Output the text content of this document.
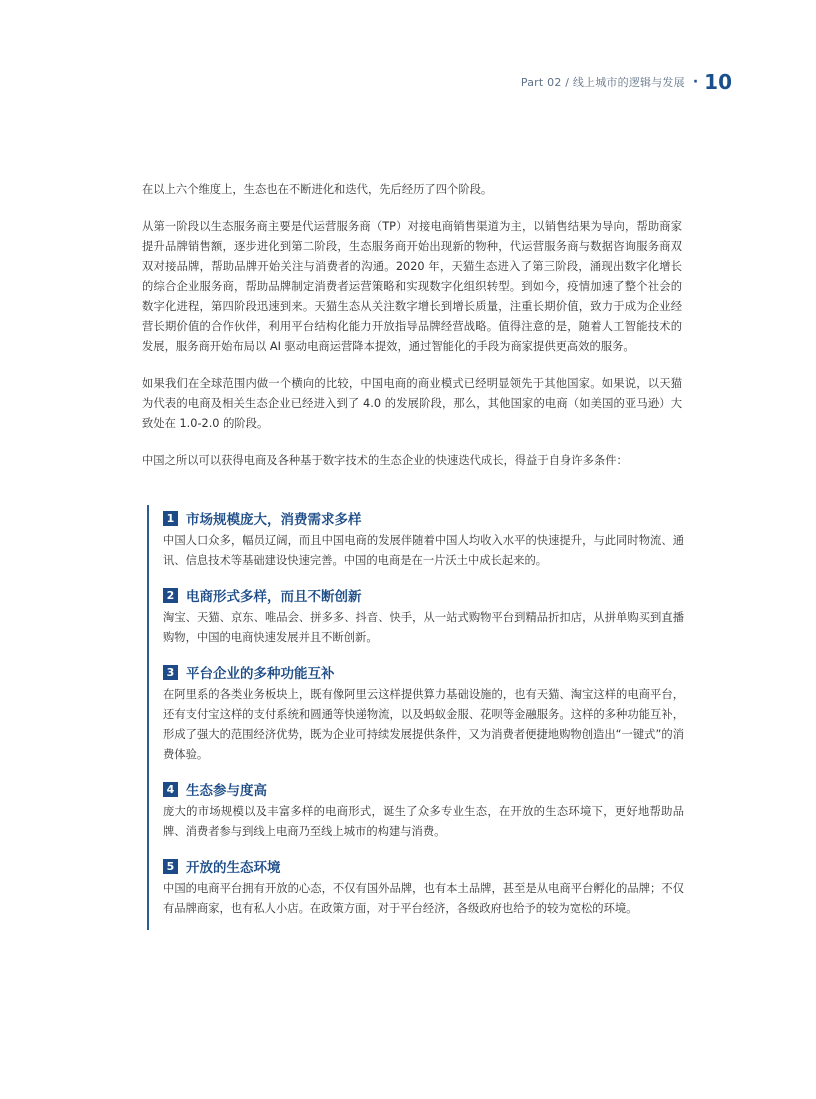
Part 02 / 线上城市的逻辑与发展 · 10

在以上六个维度上，生态也在不断进化和迭代，先后经历了四个阶段。

从第一阶段以生态服务商主要是代运营服务商（TP）对接电商销售渠道为主，以销售结果为导向，帮助商家提升品牌销售额，逐步进化到第二阶段，生态服务商开始出现新的物种，代运营服务商与数据咨询服务商双双对接品牌，帮助品牌开始关注与消费者的沟通。2020 年，天猫生态进入了第三阶段，涌现出数字化增长的综合企业服务商，帮助品牌制定消费者运营策略和实现数字化组织转型。到如今，疫情加速了整个社会的数字化进程，第四阶段迅速到来。天猫生态从关注数字增长到增长质量，注重长期价值，致力于成为企业经营长期价值的合作伙伴，利用平台结构化能力开放指导品牌经营战略。值得注意的是，随着人工智能技术的发展，服务商开始布局以 AI 驱动电商运营降本提效，通过智能化的手段为商家提供更高效的服务。

如果我们在全球范围内做一个横向的比较，中国电商的商业模式已经明显领先于其他国家。如果说，以天猫为代表的电商及相关生态企业已经进入到了 4.0 的发展阶段，那么，其他国家的电商（如美国的亚马逊）大致处在 1.0-2.0 的阶段。

中国之所以可以获得电商及各种基于数字技术的生态企业的快速迭代成长，得益于自身许多条件：

1 市场规模庞大，消费需求多样

中国人口众多，幅员辽阔，而且中国电商的发展伴随着中国人均收入水平的快速提升，与此同时物流、通讯、信息技术等基础建设快速完善。中国的电商是在一片沃土中成长起来的。

2 电商形式多样，而且不断创新

淘宝、天猫、京东、唯品会、拼多多、抖音、快手，从一站式购物平台到精品折扣店，从拼单购买到直播购物，中国的电商快速发展并且不断创新。

3 平台企业的多种功能互补

在阿里系的各类业务板块上，既有像阿里云这样提供算力基础设施的，也有天猫、淘宝这样的电商平台，还有支付宝这样的支付系统和圆通等快递物流，以及蚂蚁金服、花呗等金融服务。这样的多种功能互补，形成了强大的范围经济优势，既为企业可持续发展提供条件，又为消费者便捷地购物创造出“一键式”的消费体验。

4 生态参与度高

庞大的市场规模以及丰富多样的电商形式，诞生了众多专业生态，在开放的生态环境下，更好地帮助品牌、消费者参与到线上电商乃至线上城市的构建与消费。

5 开放的生态环境

中国的电商平台拥有开放的心态，不仅有国外品牌，也有本土品牌，甚至是从电商平台孵化的品牌；不仅有品牌商家，也有私人小店。在政策方面，对于平台经济，各级政府也给予的较为宽松的环境。
